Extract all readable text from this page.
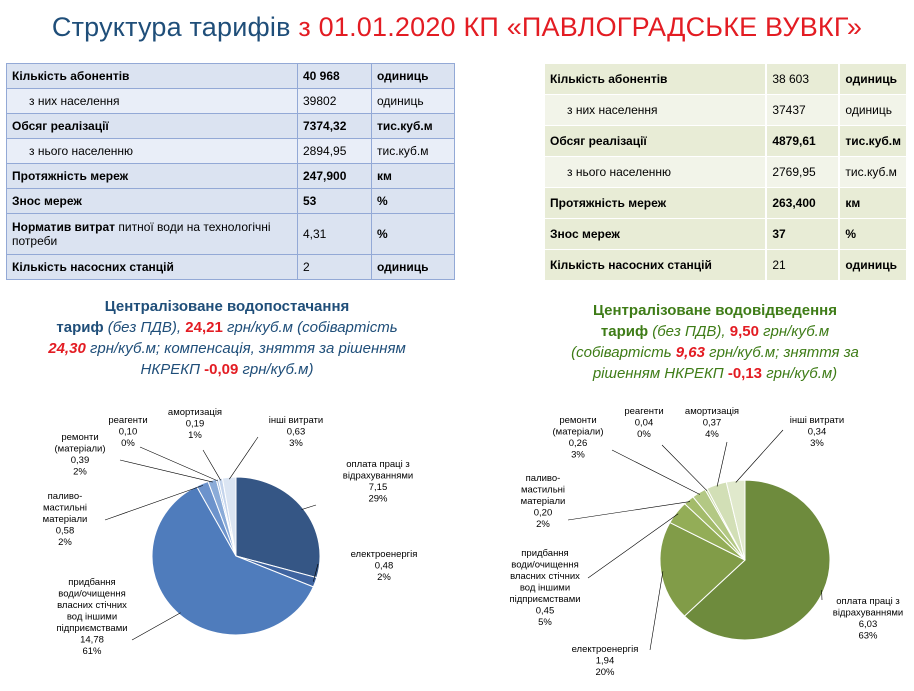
Структура тарифів з 01.01.2020 КП «ПАВЛОГРАДСЬКЕ ВУВКГ»
Кількість абонентів	40 968	одиниць
з них населення	39802	одиниць
Обсяг реалізації	7374,32	тис.куб.м
з нього населенню	2894,95	тис.куб.м
Протяжність мереж	247,900	км
Знос мереж	53	%
Норматив витрат питної води на технологічні потреби	4,31	%
Кількість насосних станцій	2	одиниць
Кількість абонентів	38 603	одиниць
з них населення	37437	одиниць
Обсяг реалізації	4879,61	тис.куб.м
з нього населенню	2769,95	тис.куб.м
Протяжність мереж	263,400	км
Знос мереж	37	%
Кількість насосних станцій	21	одиниць
Централізоване водопостачання
тариф (без ПДВ), 24,21 грн/куб.м (собівартість
24,30 грн/куб.м; компенсація, зняття за рішенням
НКРЕКП -0,09 грн/куб.м)
Централізоване водовідведення
тариф (без ПДВ), 9,50 грн/куб.м
(собівартість 9,63 грн/куб.м; зняття за
рішенням НКРЕКП -0,13 грн/куб.м)
оплата праці з відрахуваннями 7,15 29%
електроенергія 0,48 2%
придбання води/очищення власних стічних вод іншими підприємствами 14,78 61%
паливо-мастильні матеріали 0,58 2%
ремонти (матеріали) 0,39 2%
реагенти 0,10 0%
амортизація 0,19 1%
інші витрати 0,63 3%
оплата праці з відрахуваннями 6,03 63%
електроенергія 1,94 20%
придбання води/очищення власних стічних вод іншими підприємствами 0,45 5%
паливо-мастильні матеріали 0,20 2%
ремонти (матеріали) 0,26 3%
реагенти 0,04 0%
амортизація 0,37 4%
інші витрати 0,34 3%
